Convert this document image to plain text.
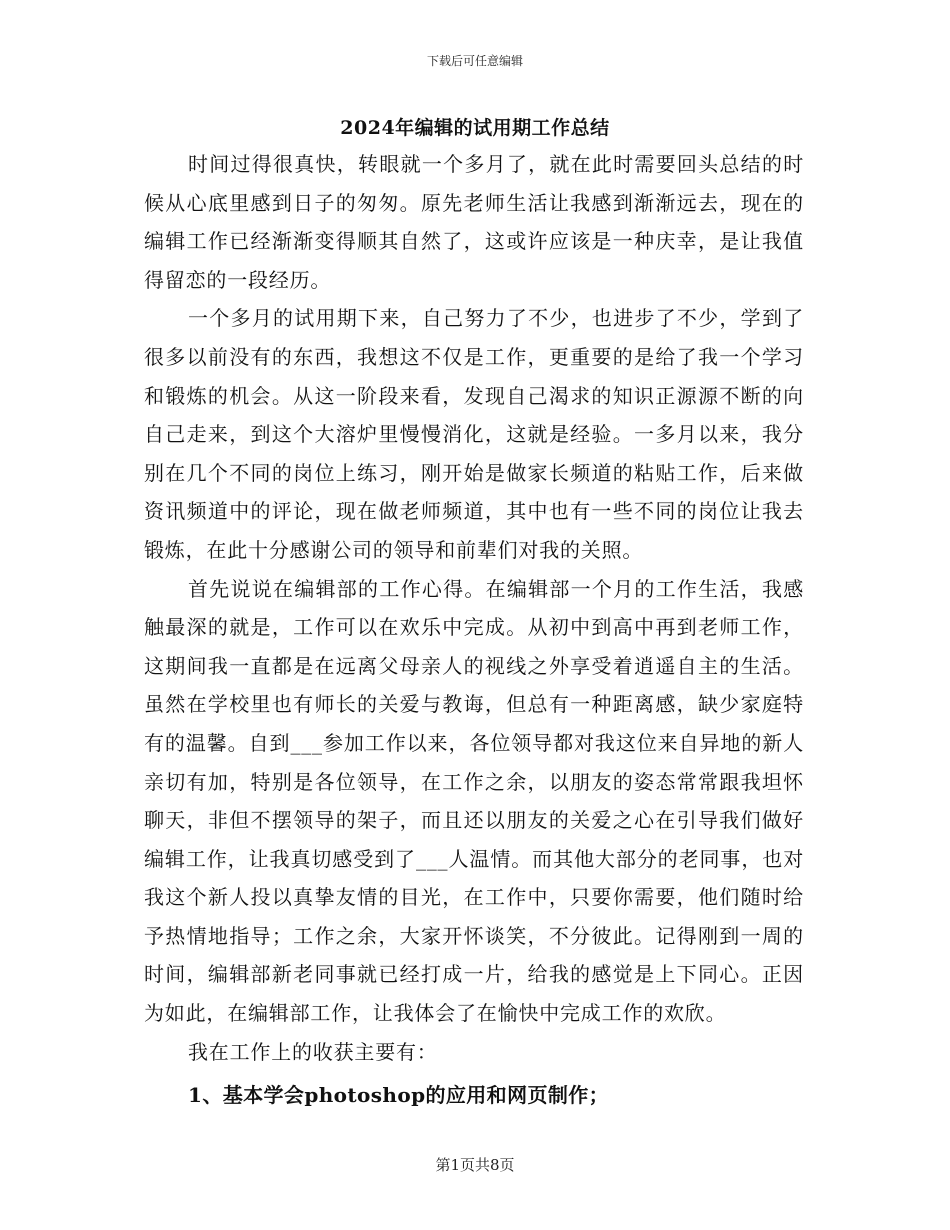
下载后可任意编辑
2024年编辑的试用期工作总结

时间过得很真快，转眼就一个多月了，就在此时需要回头总结的时候从心底里感到日子的匆匆。原先老师生活让我感到渐渐远去，现在的编辑工作已经渐渐变得顺其自然了，这或许应该是一种庆幸，是让我值得留恋的一段经历。

一个多月的试用期下来，自己努力了不少，也进步了不少，学到了很多以前没有的东西，我想这不仅是工作，更重要的是给了我一个学习和锻炼的机会。从这一阶段来看，发现自己渴求的知识正源源不断的向自己走来，到这个大溶炉里慢慢消化，这就是经验。一多月以来，我分别在几个不同的岗位上练习，刚开始是做家长频道的粘贴工作，后来做资讯频道中的评论，现在做老师频道，其中也有一些不同的岗位让我去锻炼，在此十分感谢公司的领导和前辈们对我的关照。

首先说说在编辑部的工作心得。在编辑部一个月的工作生活，我感触最深的就是，工作可以在欢乐中完成。从初中到高中再到老师工作，这期间我一直都是在远离父母亲人的视线之外享受着逍遥自主的生活。虽然在学校里也有师长的关爱与教诲，但总有一种距离感，缺少家庭特有的温馨。自到___参加工作以来，各位领导都对我这位来自异地的新人亲切有加，特别是各位领导，在工作之余，以朋友的姿态常常跟我坦怀聊天，非但不摆领导的架子，而且还以朋友的关爱之心在引导我们做好编辑工作，让我真切感受到了___人温情。而其他大部分的老同事，也对我这个新人投以真挚友情的目光，在工作中，只要你需要，他们随时给予热情地指导；工作之余，大家开怀谈笑，不分彼此。记得刚到一周的时间，编辑部新老同事就已经打成一片，给我的感觉是上下同心。正因为如此，在编辑部工作，让我体会了在愉快中完成工作的欢欣。

我在工作上的收获主要有：

1、基本学会photoshop的应用和网页制作；

第1页共8页
